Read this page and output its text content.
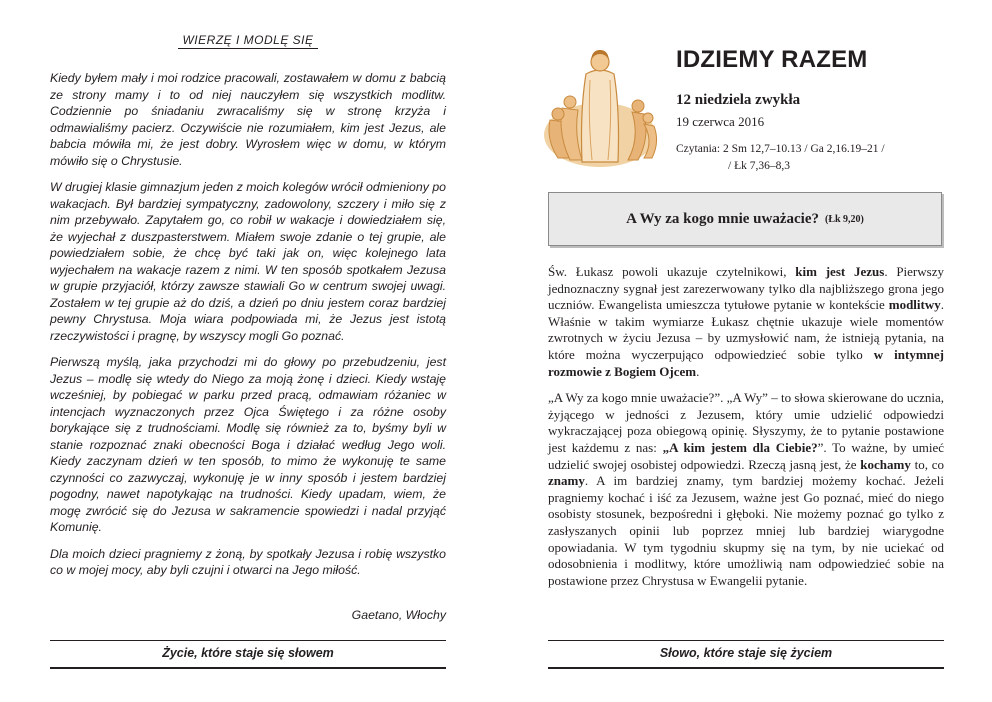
WIERZĘ I MODLĘ SIĘ

Kiedy byłem mały i moi rodzice pracowali, zostawałem w domu z babcią ze strony mamy i to od niej nauczyłem się wszystkich modlitw. Codziennie po śniadaniu zwracaliśmy się w stronę krzyża i odmawialiśmy pacierz. Oczywiście nie rozumiałem, kim jest Jezus, ale babcia mówiła mi, że jest dobry. Wyrosłem więc w domu, w którym mówiło się o Chrystusie.

W drugiej klasie gimnazjum jeden z moich kolegów wrócił odmieniony po wakacjach. Był bardziej sympatyczny, zadowolony, szczery i miło się z nim przebywało. Zapytałem go, co robił w wakacje i dowiedziałem się, że wyjechał z duszpasterstwem. Miałem swoje zdanie o tej grupie, ale powiedziałem sobie, że chcę być taki jak on, więc kolejnego lata wyjechałem na wakacje razem z nimi. W ten sposób spotkałem Jezusa w grupie przyjaciół, którzy zawsze stawiali Go w centrum swojej uwagi. Zostałem w tej grupie aż do dziś, a dzień po dniu jestem coraz bardziej pewny Chrystusa. Moja wiara podpowiada mi, że Jezus jest istotą rzeczywistości i pragnę, by wszyscy mogli Go poznać.

Pierwszą myślą, jaka przychodzi mi do głowy po przebudzeniu, jest Jezus – modlę się wtedy do Niego za moją żonę i dzieci. Kiedy wstaję wcześniej, by pobiegać w parku przed pracą, odmawiam różaniec w intencjach wyznaczonych przez Ojca Świętego i za różne osoby borykające się z trudnościami. Modlę się również za to, byśmy byli w stanie rozpoznać znaki obecności Boga i działać według Jego woli. Kiedy zaczynam dzień w ten sposób, to mimo że wykonuję te same czynności co zazwyczaj, wykonuję je w inny sposób i jestem bardziej pogodny, nawet napotykając na trudności. Kiedy upadam, wiem, że mogę zwrócić się do Jezusa w sakramencie spowiedzi i nadal przyjąć Komunię.

Dla moich dzieci pragniemy z żoną, by spotkały Jezusa i robię wszystko co w mojej mocy, aby byli czujni i otwarci na Jego miłość.

Gaetano, Włochy
Życie, które staje się słowem
IDZIEMY RAZEM
12 niedziela zwykła
19 czerwca 2016
Czytania: 2 Sm 12,7–10.13 / Ga 2,16.19–21 /
/ Łk 7,36–8,3
A Wy za kogo mnie uważacie? (Łk 9,20)

Św. Łukasz powoli ukazuje czytelnikowi, kim jest Jezus. Pierwszy jednoznaczny sygnał jest zarezerwowany tylko dla najbliższego grona jego uczniów. Ewangelista umieszcza tytułowe pytanie w kontekście modlitwy. Właśnie w takim wymiarze Łukasz chętnie ukazuje wiele momentów zwrotnych w życiu Jezusa – by uzmysłowić nam, że istnieją pytania, na które można wyczerpująco odpowiedzieć sobie tylko w intymnej rozmowie z Bogiem Ojcem.

„A Wy za kogo mnie uważacie?”. „A Wy” – to słowa skierowane do ucznia, żyjącego w jedności z Jezusem, który umie udzielić odpowiedzi wykraczającej poza obiegową opinię. Słyszymy, że to pytanie postawione jest każdemu z nas: „A kim jestem dla Ciebie?”. To ważne, by umieć udzielić swojej osobistej odpowiedzi. Rzeczą jasną jest, że kochamy to, co znamy. A im bardziej znamy, tym bardziej możemy kochać. Jeżeli pragniemy kochać i iść za Jezusem, ważne jest Go poznać, mieć do niego osobisty stosunek, bezpośredni i głęboki. Nie możemy poznać go tylko z zasłyszanych opinii lub poprzez mniej lub bardziej wiarygodne opowiadania. W tym tygodniu skupmy się na tym, by nie uciekać od odosobnienia i modlitwy, które umożliwią nam odpowiedzieć sobie na postawione przez Chrystusa w Ewangelii pytanie.

Słowo, które staje się życiem
